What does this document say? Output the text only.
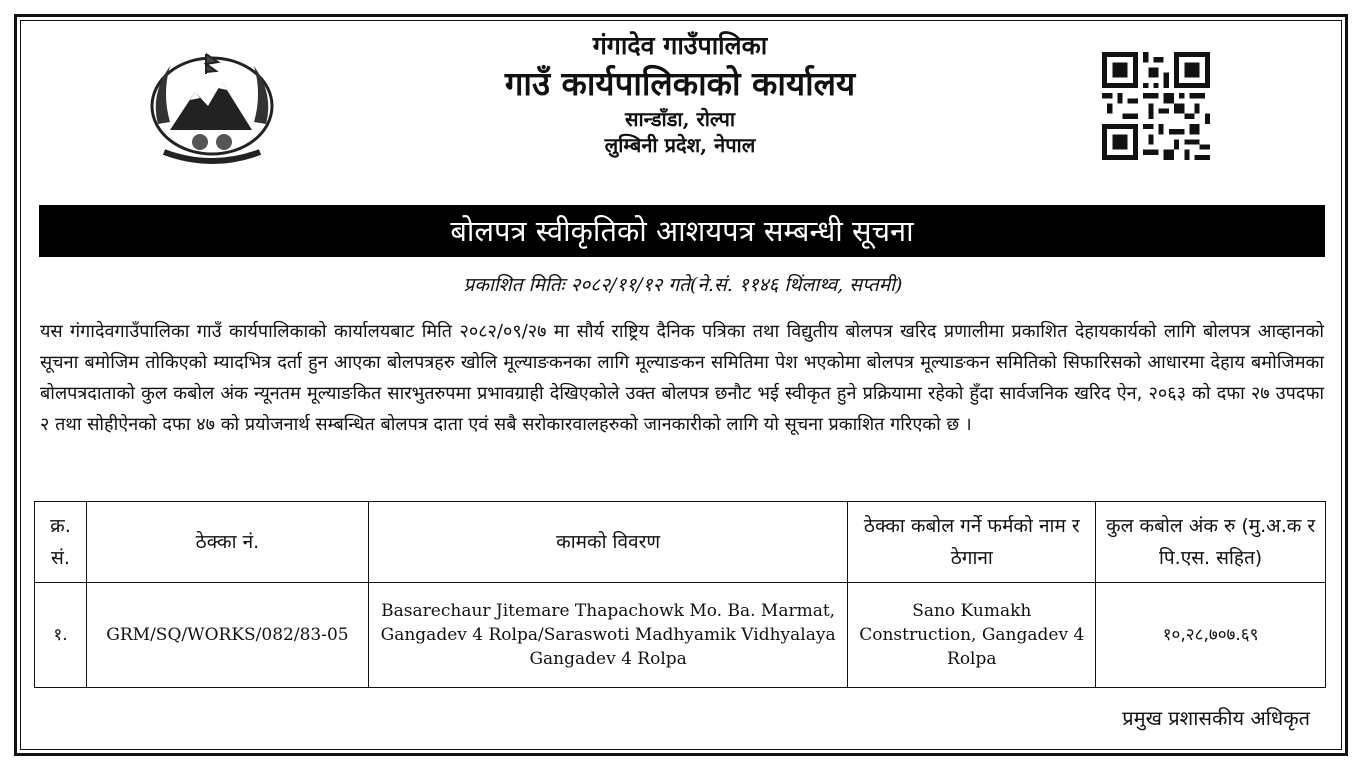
गंगादेव गाउँपालिका
गाउँ कार्यपालिकाको कार्यालय
सान्डाँडा, रोल्पा
लुम्बिनी प्रदेश, नेपाल
बोलपत्र स्वीकृतिको आशयपत्र सम्बन्धी सूचना
प्रकाशित मितिः २०८२/११/१२ गते(ने.सं. ११४६ थिंलाथ्व, सप्तमी)
यस गंगादेवगाउँपालिका गाउँ कार्यपालिकाको कार्यालयबाट मिति २०८२/०९/२७ मा सौर्य राष्ट्रिय दैनिक पत्रिका तथा विद्युतीय बोलपत्र खरिद प्रणालीमा प्रकाशित देहायकार्यको लागि बोलपत्र आव्हानको सूचना बमोजिम तोकिएको म्यादभित्र दर्ता हुन आएका बोलपत्रहरु खोलि मूल्याङकनका लागि मूल्याङकन समितिमा पेश भएकोमा बोलपत्र मूल्याङकन समितिको सिफारिसको आधारमा देहाय बमोजिमका बोलपत्रदाताको कुल कबोल अंक न्यूनतम मूल्याङकित सारभुतरुपमा प्रभावग्राही देखिएकोले उक्त बोलपत्र छनौट भई स्वीकृत हुने प्रक्रियामा रहेको हुँदा सार्वजनिक खरिद ऐन, २०६३ को दफा २७ उपदफा २ तथा सोहीऐनको दफा ४७ को प्रयोजनार्थ सम्बन्धित बोलपत्र दाता एवं सबै सरोकारवालहरुको जानकारीको लागि यो सूचना प्रकाशित गरिएको छ ।
क्र. सं.	ठेक्का नं.	कामको विवरण	ठेक्का कबोल गर्ने फर्मको नाम र ठेगाना	कुल कबोल अंक रु (मु.अ.क र पि.एस. सहित)
१.	GRM/SQ/WORKS/082/83-05	Basarechaur Jitemare Thapachowk Mo. Ba. Marmat, Gangadev 4 Rolpa/Saraswoti Madhyamik Vidhyalaya Gangadev 4 Rolpa	Sano Kumakh Construction, Gangadev 4 Rolpa	१०,२८,७०७.६९
प्रमुख प्रशासकीय अधिकृत
